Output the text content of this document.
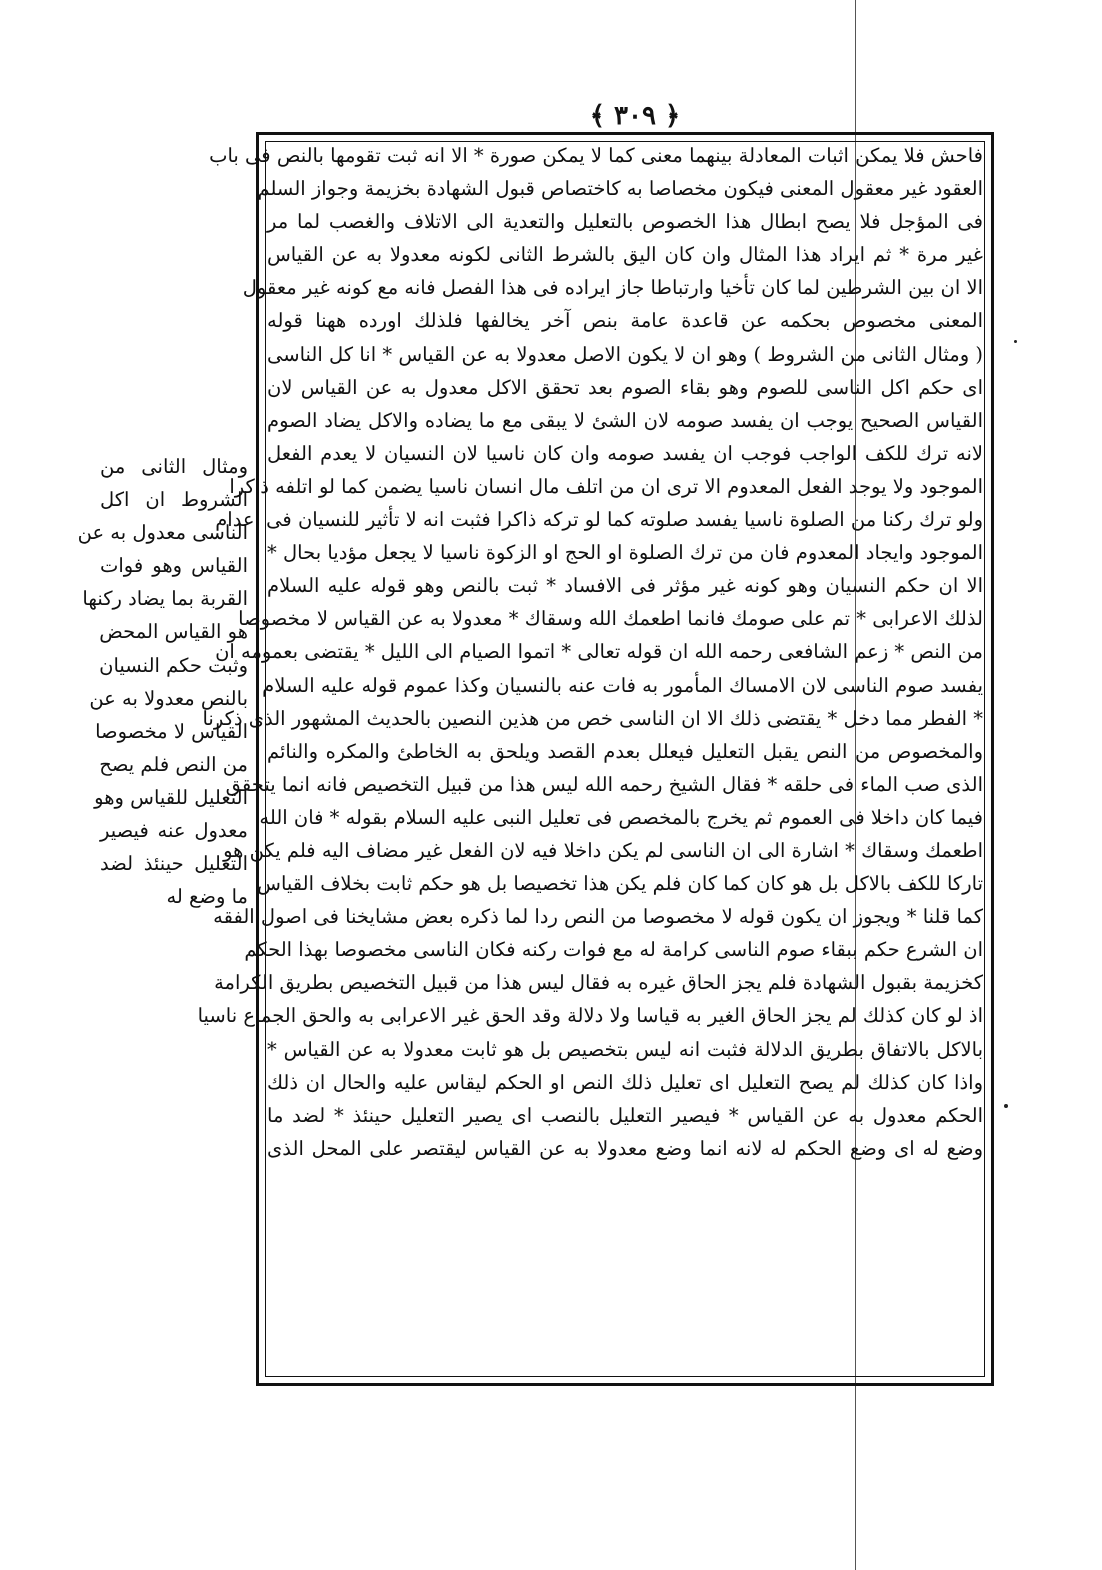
﴿ ٣٠٩ ﴾
فاحش فلا يمكن اثبات المعادلة بينهما معنى كما لا يمكن صورة * الا انه ثبت تقومها بالنص فى باب
العقود غير معقول المعنى فيكون مخصاصا به كاختصاص قبول الشهادة بخزيمة وجواز السلم
فى المؤجل فلا يصح ابطال هذا الخصوص بالتعليل والتعدية الى الاتلاف والغصب لما مر
غير مرة * ثم ايراد هذا المثال وان كان اليق بالشرط الثانى لكونه معدولا به عن القياس
الا ان بين الشرطين لما كان تأخيا وارتباطا جاز ايراده فى هذا الفصل فانه مع كونه غير معقول
المعنى مخصوص بحكمه عن قاعدة عامة بنص آخر يخالفها فلذلك اورده ههنا قوله
( ومثال الثانى من الشروط ) وهو ان لا يكون الاصل معدولا به عن القياس * انا كل الناسى
اى حكم اكل الناسى للصوم وهو بقاء الصوم بعد تحقق الاكل معدول به عن القياس لان
القياس الصحيح يوجب ان يفسد صومه لان الشئ لا يبقى مع ما يضاده والاكل يضاد الصوم
لانه ترك للكف الواجب فوجب ان يفسد صومه وان كان ناسيا لان النسيان لا يعدم الفعل
الموجود ولا يوجد الفعل المعدوم الا ترى ان من اتلف مال انسان ناسيا يضمن كما لو اتلفه ذاكرا
ولو ترك ركنا من الصلوة ناسيا يفسد صلوته كما لو تركه ذاكرا فثبت انه لا تأثير للنسيان فى اعدام
الموجود وايجاد المعدوم فان من ترك الصلوة او الحج او الزكوة ناسيا لا يجعل مؤديا بحال *
الا ان حكم النسيان وهو كونه غير مؤثر فى الافساد * ثبت بالنص وهو قوله عليه السلام
لذلك الاعرابى * تم على صومك فانما اطعمك الله وسقاك * معدولا به عن القياس لا مخصوصا
من النص * زعم الشافعى رحمه الله ان قوله تعالى * اتموا الصيام الى الليل * يقتضى بعمومه ان
يفسد صوم الناسى لان الامساك المأمور به فات عنه بالنسيان وكذا عموم قوله عليه السلام
* الفطر مما دخل * يقتضى ذلك الا ان الناسى خص من هذين النصين بالحديث المشهور الذى ذكرنا
والمخصوص من النص يقبل التعليل فيعلل بعدم القصد ويلحق به الخاطئ والمكره والنائم
الذى صب الماء فى حلقه * فقال الشيخ رحمه الله ليس هذا من قبيل التخصيص فانه انما يتحقق
فيما كان داخلا فى العموم ثم يخرج بالمخصص فى تعليل النبى عليه السلام بقوله * فان الله
اطعمك وسقاك * اشارة الى ان الناسى لم يكن داخلا فيه لان الفعل غير مضاف اليه فلم يكن هو
تاركا للكف بالاكل بل هو كان كما كان فلم يكن هذا تخصيصا بل هو حكم ثابت بخلاف القياس
كما قلنا * ويجوز ان يكون قوله لا مخصوصا من النص ردا لما ذكره بعض مشايخنا فى اصول الفقه
ان الشرع حكم ببقاء صوم الناسى كرامة له مع فوات ركنه فكان الناسى مخصوصا بهذا الحكم
كخزيمة بقبول الشهادة فلم يجز الحاق غيره به فقال ليس هذا من قبيل التخصيص بطريق الكرامة
اذ لو كان كذلك لم يجز الحاق الغير به قياسا ولا دلالة وقد الحق غير الاعرابى به والحق الجماع ناسيا
بالاكل بالاتفاق بطريق الدلالة فثبت انه ليس بتخصيص بل هو ثابت معدولا به عن القياس *
واذا كان كذلك لم يصح التعليل اى تعليل ذلك النص او الحكم ليقاس عليه والحال ان ذلك
الحكم معدول به عن القياس * فيصير التعليل بالنصب اى يصير التعليل حينئذ * لضد ما
وضع له اى وضع الحكم له لانه انما وضع معدولا به عن القياس ليقتصر على المحل الذى
ومثال الثانى من
الشروط ان اكل
الناسى معدول به عن
القياس وهو فوات
القربة بما يضاد ركنها
هو القياس المحض
وثبت حكم النسيان
بالنص معدولا به عن
القياس لا مخصوصا
من النص فلم يصح
التعليل للقياس وهو
معدول عنه فيصير
التعليل حينئذ لضد
ما وضع له
